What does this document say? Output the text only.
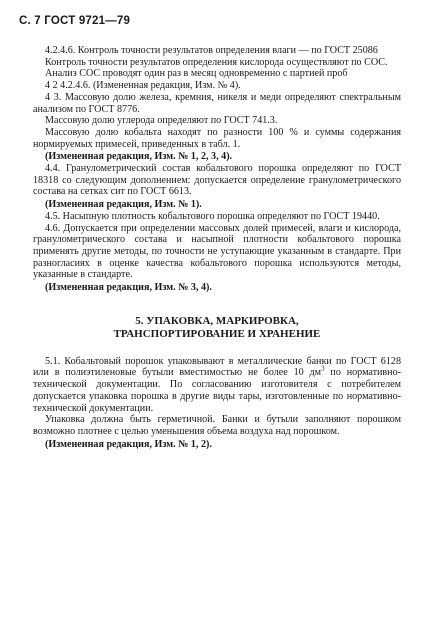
С. 7 ГОСТ 9721—79

4.2.4.6. Контроль точности результатов определения влаги — по ГОСТ 25086

Контроль точности результатов определения кислорода осуществляют по СОС.

Анализ СОС проводят один раз в месяц одновременно с партией проб

4 2 4.2.4.6. (Измененная редакция, Изм. № 4).

4 3. Массовую долю железа, кремния, никеля и меди определяют спектральным анализом по ГОСТ 8776.

Массовую долю углерода определяют по ГОСТ 741.3.

Массовую долю кобальта находят по разности 100 % и суммы содержания нормируемых примесей, приведенных в табл. 1.

(Измененная редакция, Изм. № 1, 2, 3, 4).

4.4. Гранулометрический состав кобальтового порошка определяют по ГОСТ 18318 со следующим дополнением: допускается определение гранулометрического состава на сетках сит по ГОСТ 6613.

(Измененная редакция, Изм. № 1).

4.5. Насыпную плотность кобальтового порошка определяют по ГОСТ 19440.

4.6. Допускается при определении массовых долей примесей, влаги и кислорода, гранулометрического состава и насыпной плотности кобальтового порошка применять другие методы, по точности не уступающие указанным в стандарте. При разногласиях в оценке качества кобальтового порошка используются методы, указанные в стандарте.

(Измененная редакция, Изм. № 3, 4).

5. УПАКОВКА, МАРКИРОВКА,
ТРАНСПОРТИРОВАНИЕ И ХРАНЕНИЕ

5.1. Кобальтовый порошок упаковывают в металлические банки по ГОСТ 6128 или в полиэтиленовые бутыли вместимостью не более 10 $дм^3$ по нормативно-технической документации. По согласованию изготовителя с потребителем допускается упаковка порошка в другие виды тары, изготовленные по нормативно-технической документации.

Упаковка должна быть герметичной. Банки и бутыли заполняют порошком возможно плотнее с целью уменьшения объема воздуха над порошком.

(Измененная редакция, Изм. № 1, 2).
